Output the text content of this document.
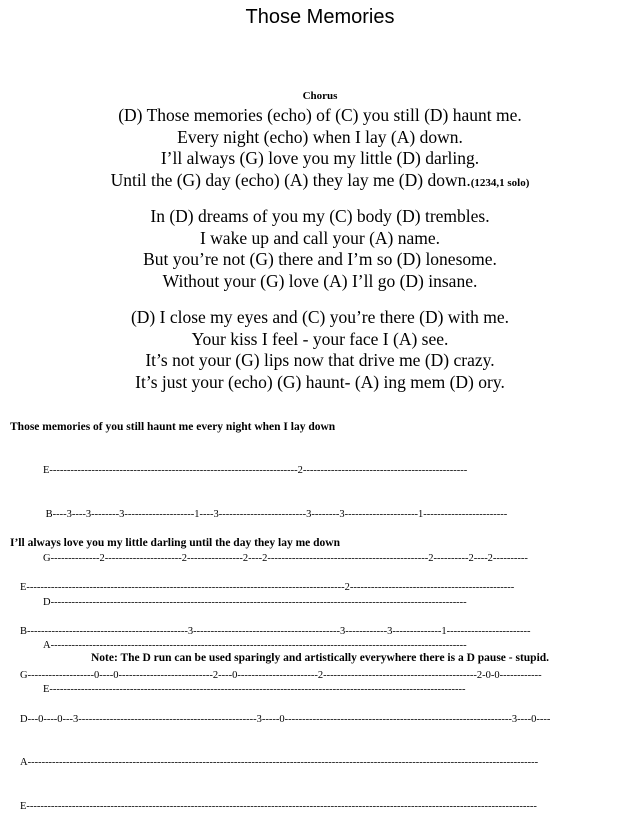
Those Memories
Chorus
(D) Those memories (echo) of (C) you still (D) haunt me.
Every night (echo) when I lay (A) down.
I’ll always (G) love you my little (D) darling.
Until the (G) day (echo) (A) they lay me (D) down.(1234,1 solo)
In (D) dreams of you my (C) body (D) trembles.
I wake up and call your (A) name.
But you’re not (G) there and I’m so (D) lonesome.
Without your (G) love (A) I’ll go (D) insane.
(D) I close my eyes and (C) you’re there (D) with me.
Your kiss I feel - your face I (A) see.
It’s not your (G) lips now that drive me (D) crazy.
It’s just your (echo) (G) haunt- (A) ing mem (D) ory.
Those memories of you still haunt me every night when I lay down

E-----------------------------------------------------------------------2-----------------------------------------------

B----3----3--------3--------------------1----3-------------------------3--------3---------------------1------------------------

G--------------2----------------------2----------------2----2----------------------------------------------2----------2----2----------

D-----------------------------------------------------------------------------------------------------------------------

A-----------------------------------------------------------------------------------------------------------------------

E-----------------------------------------------------------------------------------------------------------------------

I’ll always love you my little darling until the day they lay me down

E-------------------------------------------------------------------------------------------2-----------------------------------------------

B----------------------------------------------3------------------------------------------3------------3--------------1------------------------

G-------------------0----0---------------------------2----0-----------------------2--------------------------------------------2-0-0------------

D---0----0---3---------------------------------------------------3-----0-----------------------------------------------------------------3----0----

A--------------------------------------------------------------------------------------------------------------------------------------------------

E--------------------------------------------------------------------------------------------------------------------------------------------------

Note: The D run can be used sparingly and artistically everywhere there is a D pause - stupid.
